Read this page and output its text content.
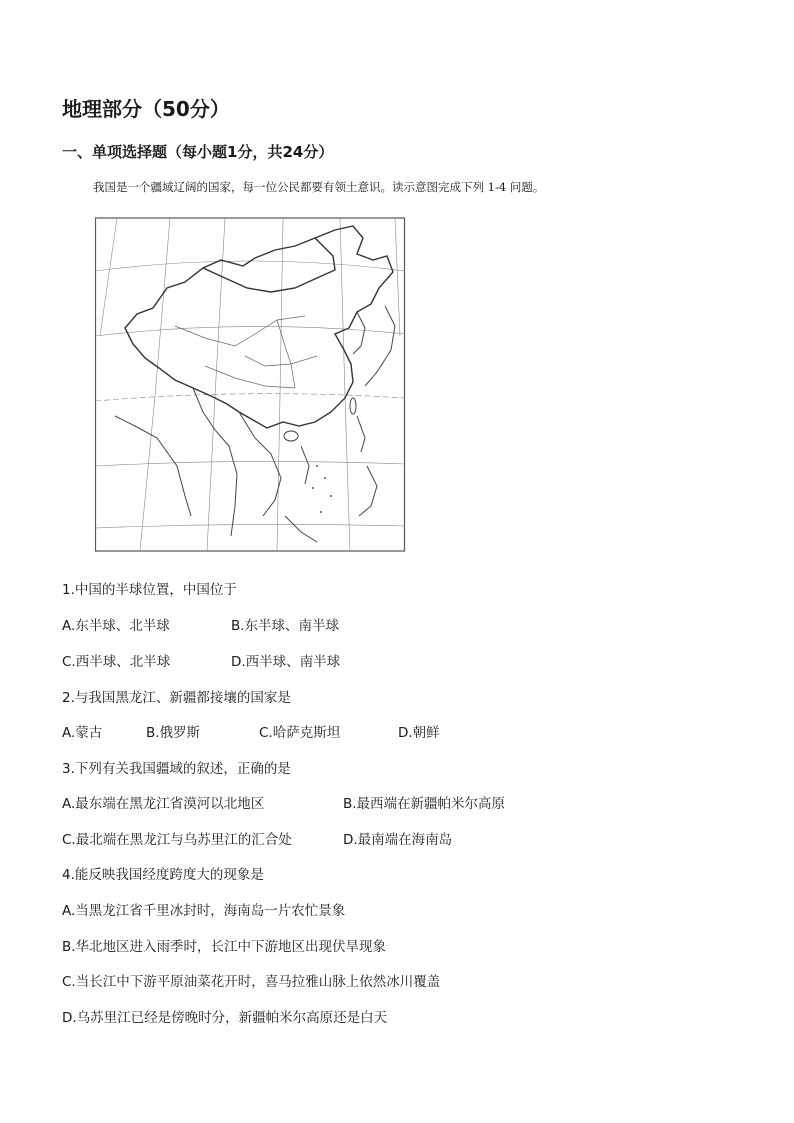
地理部分（50分）
一、单项选择题（每小题1分，共24分）
我国是一个疆域辽阔的国家，每一位公民都要有领土意识。读示意图完成下列 1-4 问题。
1.中国的半球位置，中国位于
A.东半球、北半球	B.东半球、南半球
C.西半球、北半球	D.西半球、南半球
2.与我国黑龙江、新疆都接壤的国家是
A.蒙古	B.俄罗斯	C.哈萨克斯坦	D.朝鲜
3.下列有关我国疆域的叙述，正确的是
A.最东端在黑龙江省漠河以北地区	B.最西端在新疆帕米尔高原
C.最北端在黑龙江与乌苏里江的汇合处	D.最南端在海南岛
4.能反映我国经度跨度大的现象是
A.当黑龙江省千里冰封时，海南岛一片农忙景象
B.华北地区进入雨季时，长江中下游地区出现伏旱现象
C.当长江中下游平原油菜花开时，喜马拉雅山脉上依然冰川覆盖
D.乌苏里江已经是傍晚时分，新疆帕米尔高原还是白天
